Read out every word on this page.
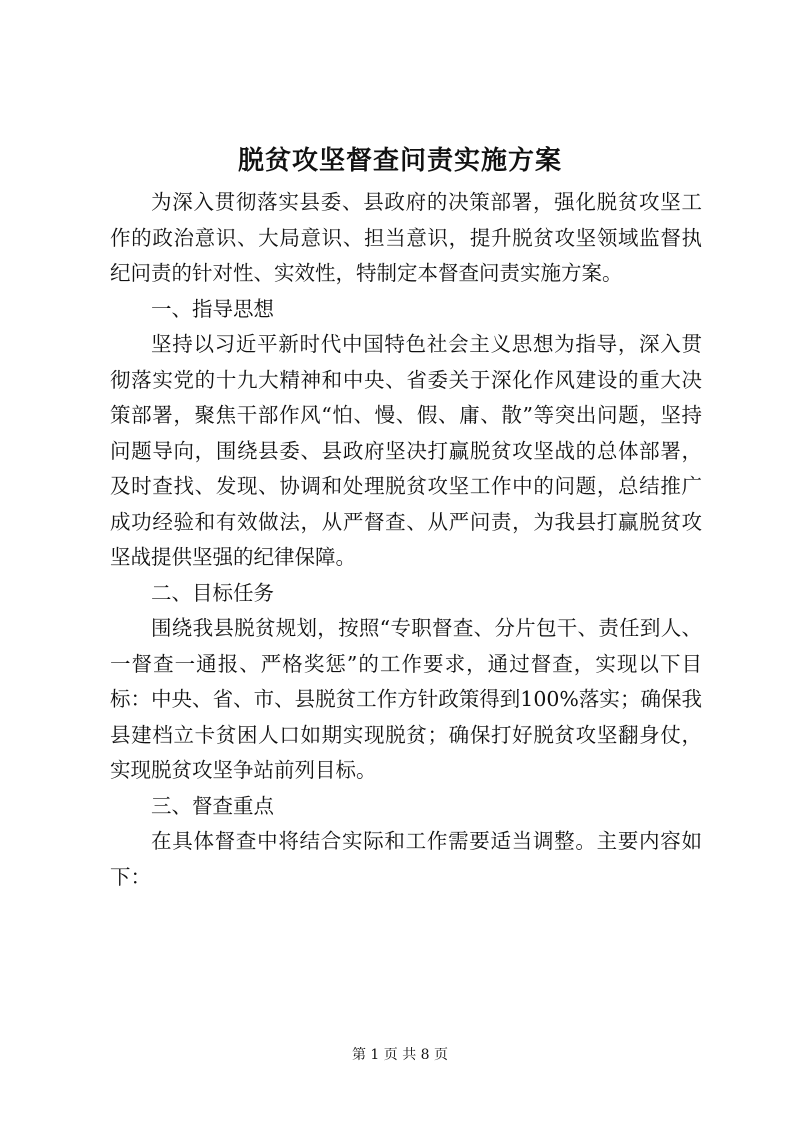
脱贫攻坚督查问责实施方案

为深入贯彻落实县委、县政府的决策部署，强化脱贫攻坚工作的政治意识、大局意识、担当意识，提升脱贫攻坚领域监督执纪问责的针对性、实效性，特制定本督查问责实施方案。

一、指导思想

坚持以习近平新时代中国特色社会主义思想为指导，深入贯彻落实党的十九大精神和中央、省委关于深化作风建设的重大决策部署，聚焦干部作风“怕、慢、假、庸、散”等突出问题，坚持问题导向，围绕县委、县政府坚决打赢脱贫攻坚战的总体部署，及时查找、发现、协调和处理脱贫攻坚工作中的问题，总结推广成功经验和有效做法，从严督查、从严问责，为我县打赢脱贫攻坚战提供坚强的纪律保障。

二、目标任务

围绕我县脱贫规划，按照“专职督查、分片包干、责任到人、一督查一通报、严格奖惩”的工作要求，通过督查，实现以下目标：中央、省、市、县脱贫工作方针政策得到100%落实；确保我县建档立卡贫困人口如期实现脱贫；确保打好脱贫攻坚翻身仗，实现脱贫攻坚争站前列目标。

三、督查重点

在具体督查中将结合实际和工作需要适当调整。主要内容如下：

第 1 页 共 8 页
